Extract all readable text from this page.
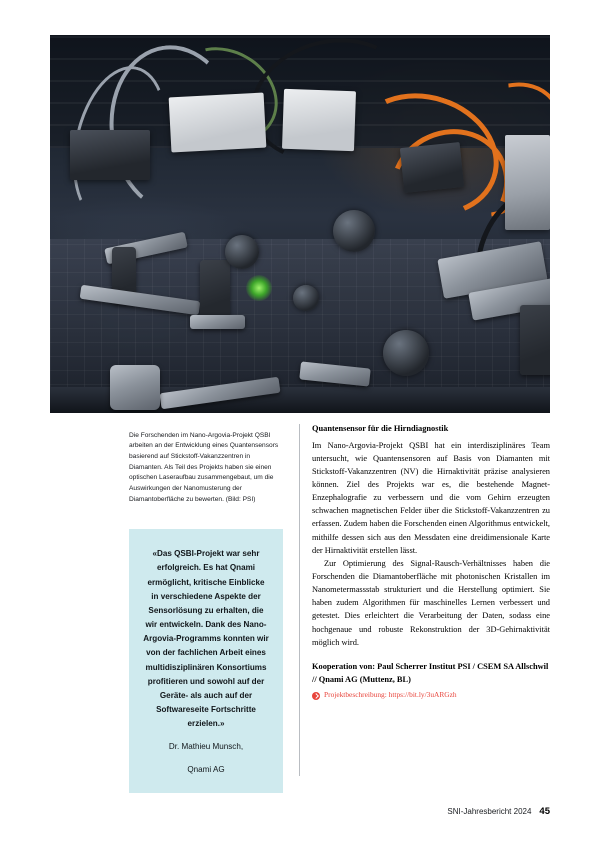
Die Forschenden im Nano-Argovia-Projekt QSBI arbeiten an der Entwicklung eines Quantensensors basierend auf Stickstoff-Vakanzzentren in Diamanten. Als Teil des Projekts haben sie einen optischen Laseraufbau zusammengebaut, um die Auswirkungen der Nanomusterung der Diamantoberfläche zu bewerten. (Bild: PSI)

«Das QSBI-Projekt war sehr erfolgreich. Es hat Qnami ermöglicht, kritische Einblicke in verschiedene Aspekte der Sensorlösung zu erhalten, die wir entwickeln. Dank des Nano-Argovia-Programms konnten wir von der fachlichen Arbeit eines multidisziplinären Konsortiums profitieren und sowohl auf der Geräte- als auch auf der Softwareseite Fortschritte erzielen.»
Dr. Mathieu Munsch,
Qnami AG
Quantensensor für die Hirndiagnostik

Im Nano-Argovia-Projekt QSBI hat ein interdisziplinäres Team untersucht, wie Quantensensoren auf Basis von Diamanten mit Stickstoff-Vakanzzentren (NV) die Hirnaktivität präzise analysieren können. Ziel des Projekts war es, die bestehende Magnet-Enzephalografie zu verbessern und die vom Gehirn erzeugten schwachen magnetischen Felder über die Stickstoff-Vakanzzentren zu erfassen. Zudem haben die Forschenden einen Algorithmus entwickelt, mithilfe dessen sich aus den Messdaten eine dreidimensionale Karte der Hirnaktivität erstellen lässt.

Zur Optimierung des Signal-Rausch-Verhältnisses haben die Forschenden die Diamantoberfläche mit photonischen Kristallen im Nanometermassstab strukturiert und die Herstellung optimiert. Sie haben zudem Algorithmen für maschinelles Lernen verbessert und getestet. Dies erleichtert die Verarbeitung der Daten, sodass eine hochgenaue und robuste Rekonstruktion der 3D-Gehirnaktivität möglich wird.

Kooperation von: Paul Scherrer Institut PSI / CSEM SA Allschwil // Qnami AG (Muttenz, BL)
Projektbeschreibung: https://bit.ly/3uARGzh
SNI-Jahresbericht 2024 45
